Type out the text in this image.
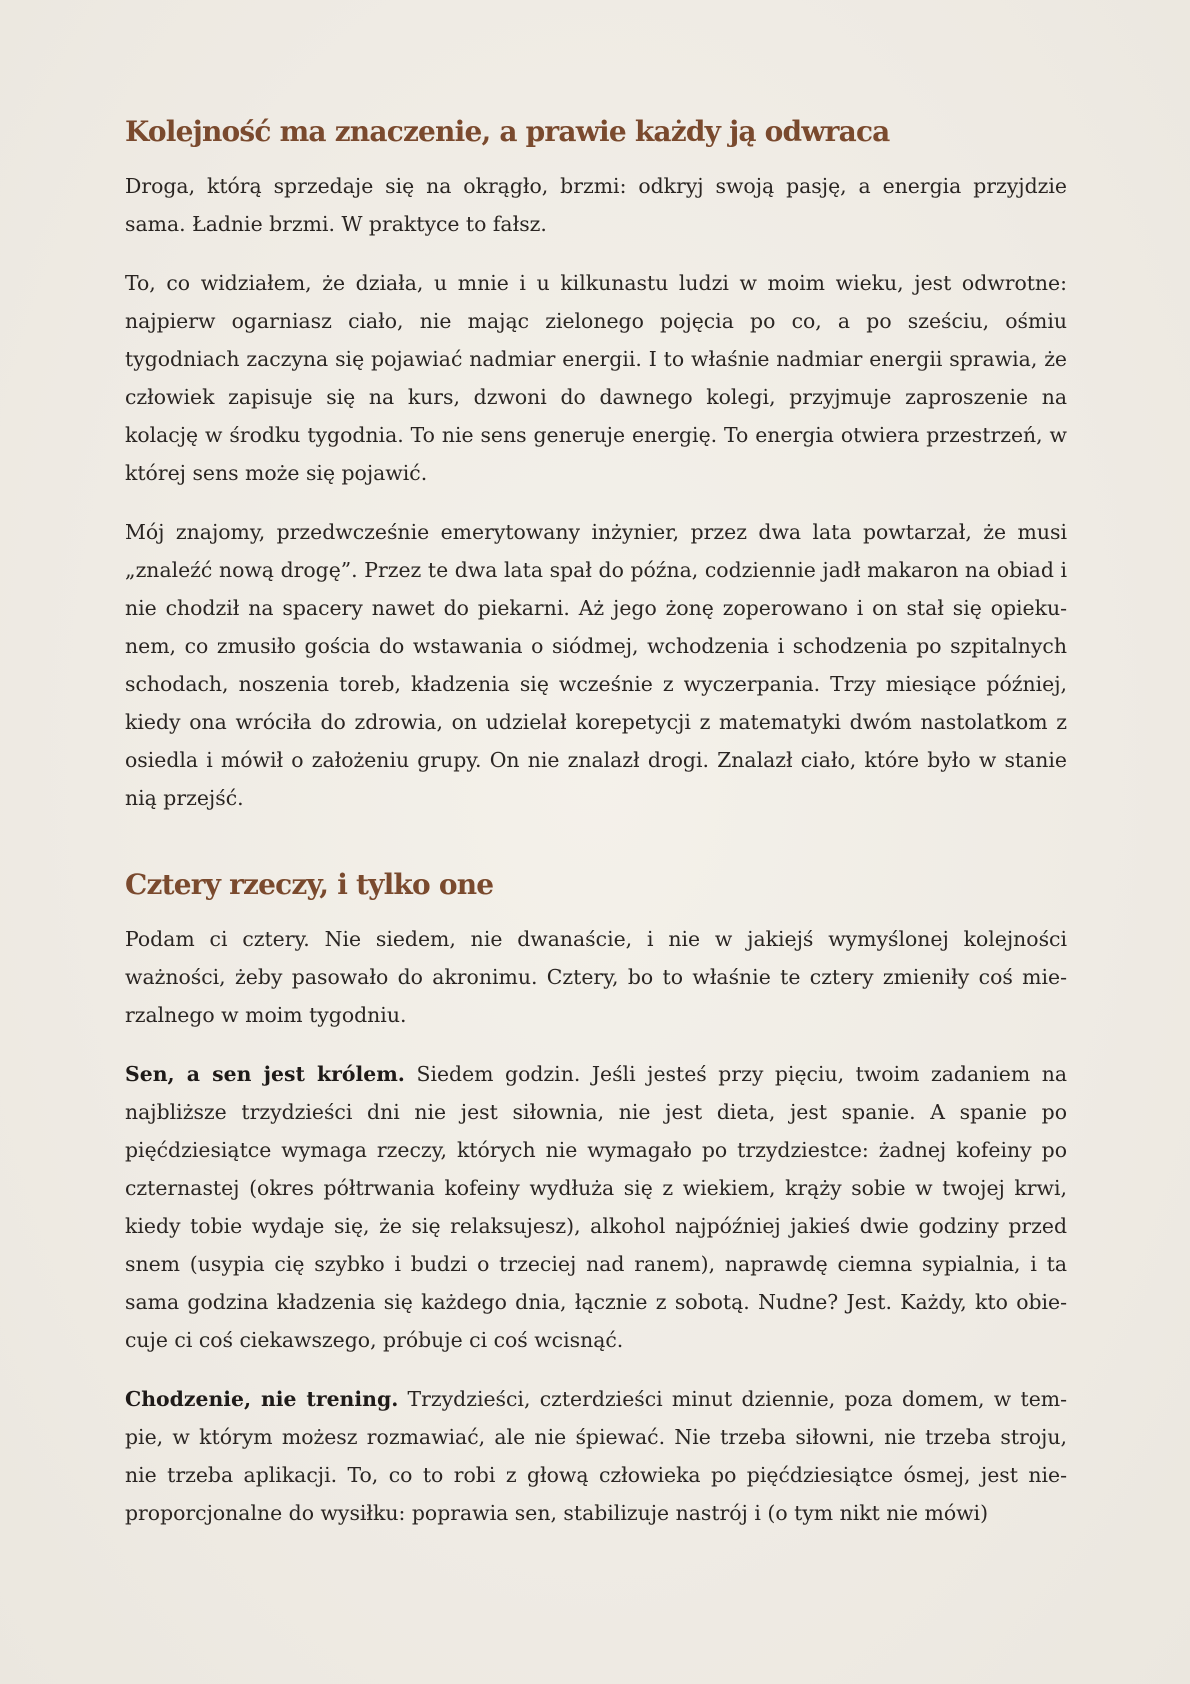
Kolejność ma znaczenie, a prawie każdy ją odwraca

Droga, którą sprzedaje się na okrągło, brzmi: odkryj swoją pasję, a energia przyjdzie sama. Ładnie brzmi. W praktyce to fałsz.

To, co widziałem, że działa, u mnie i u kilkunastu ludzi w moim wieku, jest odwrotne: najpierw ogarniasz ciało, nie mając zielonego pojęcia po co, a po sześciu, ośmiu tygodniach zaczyna się pojawiać nadmiar energii. I to właśnie nadmiar energii sprawia, że człowiek zapisuje się na kurs, dzwoni do dawnego kolegi, przyjmuje zaproszenie na kolację w środku tygodnia. To nie sens generuje energię. To energia otwiera przestrzeń, w której sens może się pojawić.

Mój znajomy, przedwcześnie emerytowany inżynier, przez dwa lata powtarzał, że musi „znaleźć nową drogę”. Przez te dwa lata spał do późna, codziennie jadł makaron na obiad i nie chodził na spacery nawet do piekarni. Aż jego żonę zoperowano i on stał się opiekunem, co zmusiło gościa do wstawania o siódmej, wchodzenia i schodzenia po szpitalnych schodach, noszenia toreb, kładzenia się wcześnie z wyczerpania. Trzy miesiące później, kiedy ona wróciła do zdrowia, on udzielał korepetycji z matematyki dwóm nastolatkom z osiedla i mówił o założeniu grupy. On nie znalazł drogi. Znalazł ciało, które było w stanie nią przejść.

Cztery rzeczy, i tylko one

Podam ci cztery. Nie siedem, nie dwanaście, i nie w jakiejś wymyślonej kolejności ważności, żeby pasowało do akronimu. Cztery, bo to właśnie te cztery zmieniły coś mierzalnego w moim tygodniu.

Sen, a sen jest królem. Siedem godzin. Jeśli jesteś przy pięciu, twoim zadaniem na najbliższe trzydzieści dni nie jest siłownia, nie jest dieta, jest spanie. A spanie po pięćdziesiątce wymaga rzeczy, których nie wymagało po trzydziestce: żadnej kofeiny po czternastej (okres półtrwania kofeiny wydłuża się z wiekiem, krąży sobie w twojej krwi, kiedy tobie wydaje się, że się relaksujesz), alkohol najpóźniej jakieś dwie godziny przed snem (usypia cię szybko i budzi o trzeciej nad ranem), naprawdę ciemna sypialnia, i ta sama godzina kładzenia się każdego dnia, łącznie z sobotą. Nudne? Jest. Każdy, kto obiecuje ci coś ciekawszego, próbuje ci coś wcisnąć.

Chodzenie, nie trening. Trzydzieści, czterdzieści minut dziennie, poza domem, w tempie, w którym możesz rozmawiać, ale nie śpiewać. Nie trzeba siłowni, nie trzeba stroju, nie trzeba aplikacji. To, co to robi z głową człowieka po pięćdziesiątce ósmej, jest nieproporcjonalne do wysiłku: poprawia sen, stabilizuje nastrój i (o tym nikt nie mówi)
